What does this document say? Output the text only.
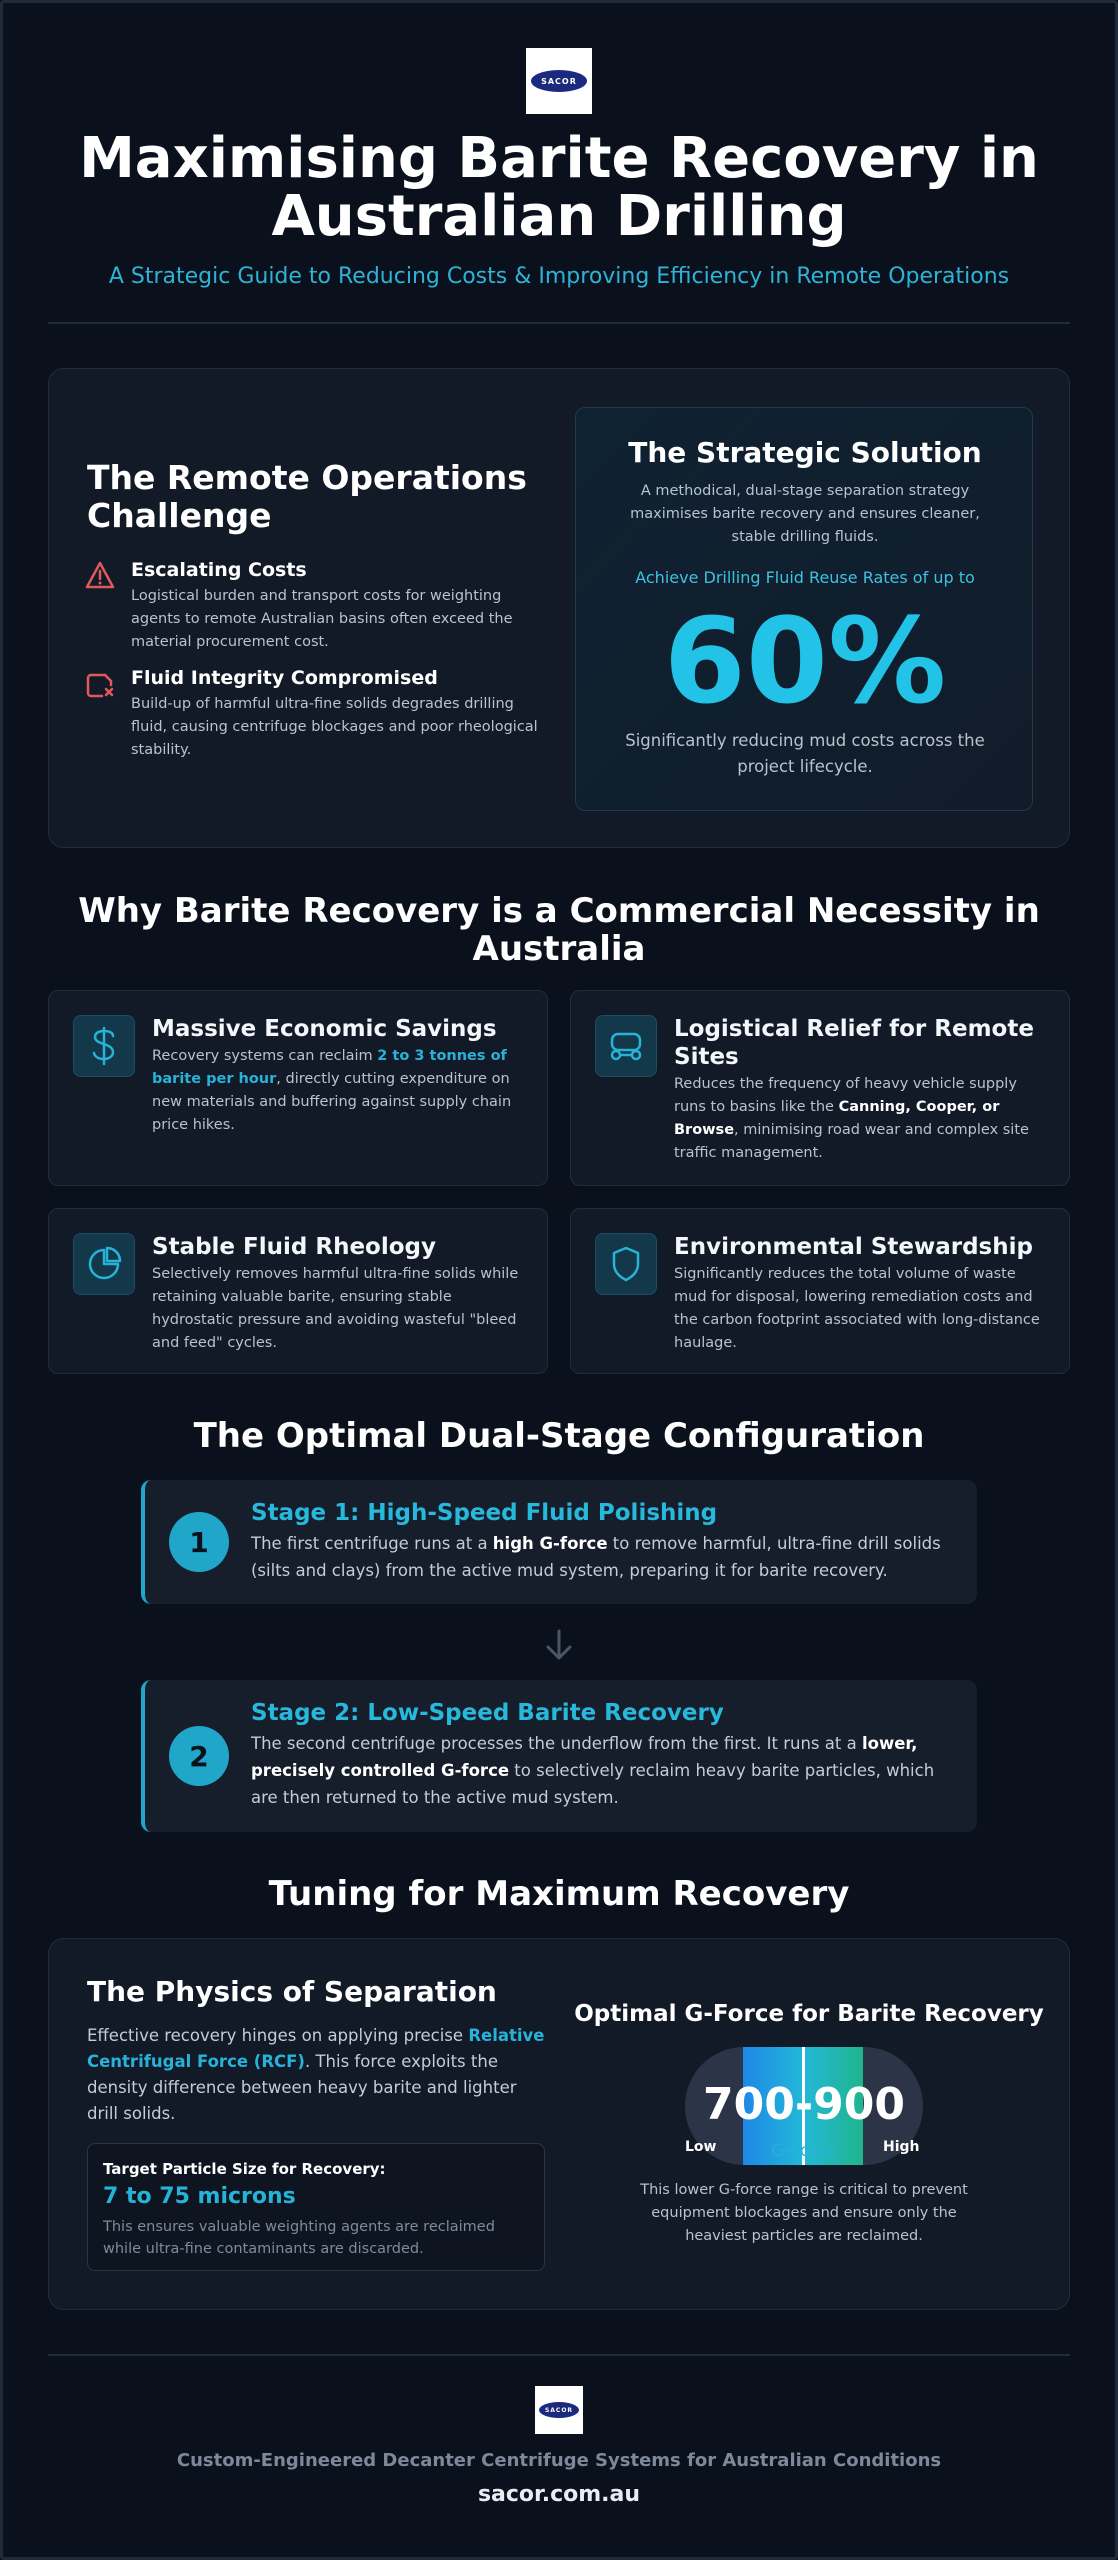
SACOR
Maximising Barite Recovery in
Australian Drilling
A Strategic Guide to Reducing Costs & Improving Efficiency in Remote Operations
The Remote Operations
Challenge
Escalating Costs
Logistical burden and transport costs for weighting agents to remote Australian basins often exceed the material procurement cost.
Fluid Integrity Compromised
Build-up of harmful ultra-fine solids degrades drilling fluid, causing centrifuge blockages and poor rheological stability.
The Strategic Solution
A methodical, dual-stage separation strategy maximises barite recovery and ensures cleaner, stable drilling fluids.
Achieve Drilling Fluid Reuse Rates of up to
60%
Significantly reducing mud costs across the project lifecycle.
Why Barite Recovery is a Commercial Necessity in
Australia
Massive Economic Savings
Recovery systems can reclaim 2 to 3 tonnes of barite per hour, directly cutting expenditure on new materials and buffering against supply chain price hikes.
Logistical Relief for Remote
Sites
Reduces the frequency of heavy vehicle supply runs to basins like the Canning, Cooper, or Browse, minimising road wear and complex site traffic management.
Stable Fluid Rheology
Selectively removes harmful ultra-fine solids while retaining valuable barite, ensuring stable hydrostatic pressure and avoiding wasteful "bleed and feed" cycles.
Environmental Stewardship
Significantly reduces the total volume of waste mud for disposal, lowering remediation costs and the carbon footprint associated with long-distance haulage.
The Optimal Dual-Stage Configuration
1
Stage 1: High-Speed Fluid Polishing
The first centrifuge runs at a high G-force to remove harmful, ultra-fine drill solids (silts and clays) from the active mud system, preparing it for barite recovery.
2
Stage 2: Low-Speed Barite Recovery
The second centrifuge processes the underflow from the first. It runs at a lower, precisely controlled G-force to selectively reclaim heavy barite particles, which are then returned to the active mud system.
Tuning for Maximum Recovery
The Physics of Separation
Effective recovery hinges on applying precise Relative Centrifugal Force (RCF). This force exploits the density difference between heavy barite and lighter drill solids.
Target Particle Size for Recovery:
7 to 75 microns
This ensures valuable weighting agents are reclaimed while ultra-fine contaminants are discarded.
Optimal G-Force for Barite Recovery
700-900
G-Force
Low	High
This lower G-force range is critical to prevent equipment blockages and ensure only the heaviest particles are reclaimed.
SACOR
Custom-Engineered Decanter Centrifuge Systems for Australian Conditions
sacor.com.au
